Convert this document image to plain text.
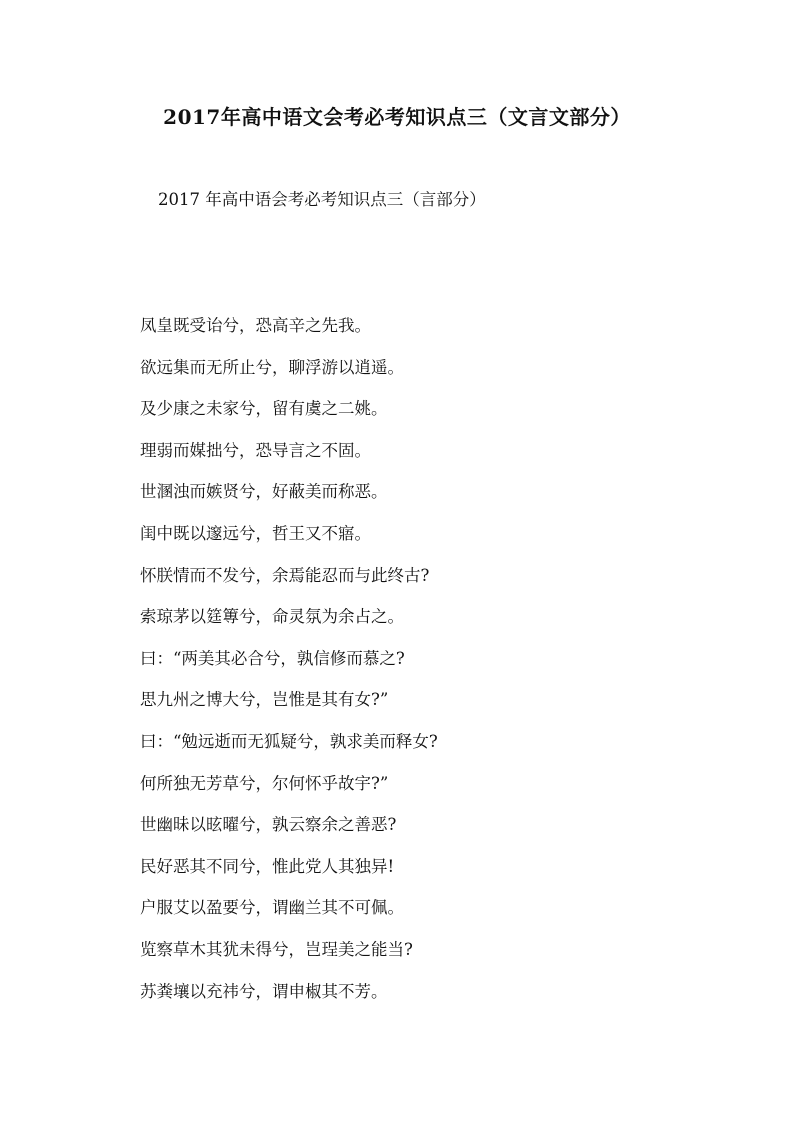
2017年高中语文会考必考知识点三（文言文部分）
2017 年高中语会考必考知识点三（言部分）
凤皇既受诒兮，恐高辛之先我。
欲远集而无所止兮，聊浮游以逍遥。
及少康之未家兮，留有虞之二姚。
理弱而媒拙兮，恐导言之不固。
世溷浊而嫉贤兮，好蔽美而称恶。
闺中既以邃远兮，哲王又不寤。
怀朕情而不发兮，余焉能忍而与此终古?
索琼茅以筳篿兮，命灵氛为余占之。
曰：“两美其必合兮，孰信修而慕之?
思九州之博大兮，岂惟是其有女?”
曰：“勉远逝而无狐疑兮，孰求美而释女?
何所独无芳草兮，尔何怀乎故宇?”
世幽昧以昡曜兮，孰云察余之善恶?
民好恶其不同兮，惟此党人其独异!
户服艾以盈要兮，谓幽兰其不可佩。
览察草木其犹未得兮，岂珵美之能当?
苏粪壤以充祎兮，谓申椒其不芳。
